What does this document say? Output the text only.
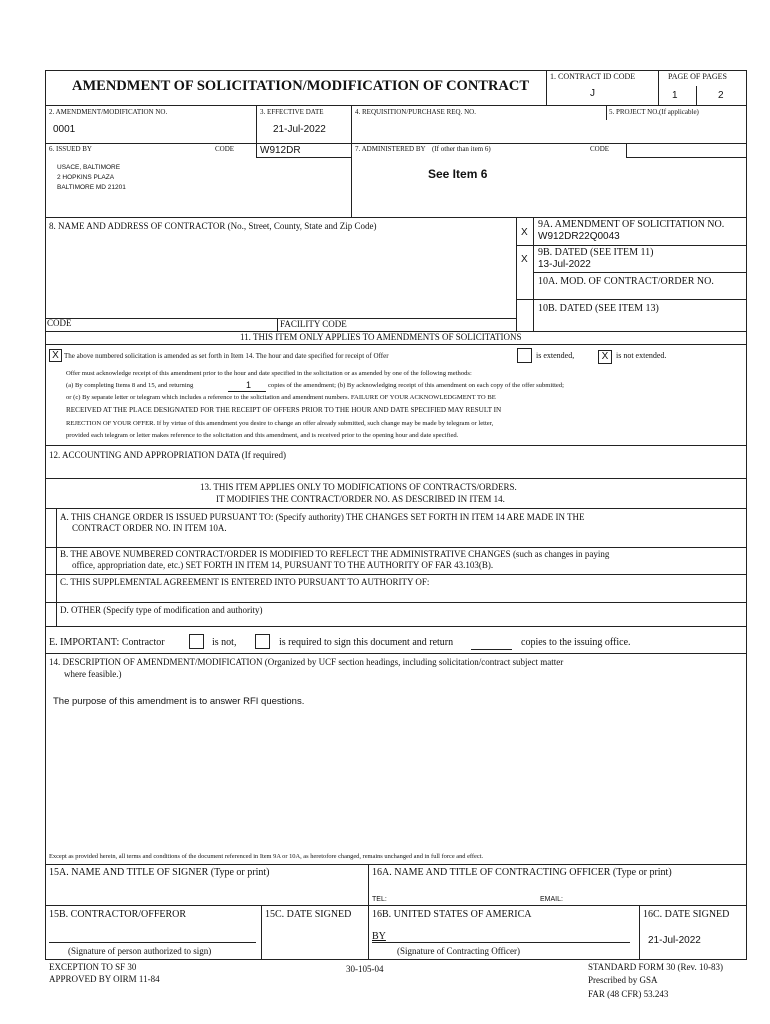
AMENDMENT OF SOLICITATION/MODIFICATION OF CONTRACT
1. CONTRACT ID CODE
J
PAGE OF PAGES
1	2
2. AMENDMENT/MODIFICATION NO.
0001
3. EFFECTIVE DATE
21-Jul-2022
4. REQUISITION/PURCHASE REQ. NO.	5. PROJECT NO.(If applicable)
6. ISSUED BY	CODE	W912DR	7. ADMINISTERED BY (If other than item 6)	CODE
USACE, BALTIMORE
2 HOPKINS PLAZA
BALTIMORE MD 21201
See Item 6
8. NAME AND ADDRESS OF CONTRACTOR (No., Street, County, State and Zip Code)
X
9A. AMENDMENT OF SOLICITATION NO.
W912DR22Q0043
X
9B. DATED (SEE ITEM 11)
13-Jul-2022
10A. MOD. OF CONTRACT/ORDER NO.
10B. DATED (SEE ITEM 13)
CODE	FACILITY CODE
11. THIS ITEM ONLY APPLIES TO AMENDMENTS OF SOLICITATIONS
X The above numbered solicitation is amended as set forth in Item 14. The hour and date specified for receipt of Offer	is extended,	X is not extended.
Offer must acknowledge receipt of this amendment prior to the hour and date specified in the solicitation or as amended by one of the following methods:
(a) By completing Items 8 and 15, and returning	1	copies of the amendment; (b) By acknowledging receipt of this amendment on each copy of the offer submitted;
or (c) By separate letter or telegram which includes a reference to the solicitation and amendment numbers. FAILURE OF YOUR ACKNOWLEDGMENT TO BE
RECEIVED AT THE PLACE DESIGNATED FOR THE RECEIPT OF OFFERS PRIOR TO THE HOUR AND DATE SPECIFIED MAY RESULT IN
REJECTION OF YOUR OFFER. If by virtue of this amendment you desire to change an offer already submitted, such change may be made by telegram or letter,
provided each telegram or letter makes reference to the solicitation and this amendment, and is received prior to the opening hour and date specified.
12. ACCOUNTING AND APPROPRIATION DATA (If required)
13. THIS ITEM APPLIES ONLY TO MODIFICATIONS OF CONTRACTS/ORDERS.
IT MODIFIES THE CONTRACT/ORDER NO. AS DESCRIBED IN ITEM 14.
A. THIS CHANGE ORDER IS ISSUED PURSUANT TO: (Specify authority) THE CHANGES SET FORTH IN ITEM 14 ARE MADE IN THE
CONTRACT ORDER NO. IN ITEM 10A.
B. THE ABOVE NUMBERED CONTRACT/ORDER IS MODIFIED TO REFLECT THE ADMINISTRATIVE CHANGES (such as changes in paying
office, appropriation date, etc.) SET FORTH IN ITEM 14, PURSUANT TO THE AUTHORITY OF FAR 43.103(B).
C. THIS SUPPLEMENTAL AGREEMENT IS ENTERED INTO PURSUANT TO AUTHORITY OF:
D. OTHER (Specify type of modification and authority)
E. IMPORTANT: Contractor	is not,	is required to sign this document and return	copies to the issuing office.
14. DESCRIPTION OF AMENDMENT/MODIFICATION (Organized by UCF section headings, including solicitation/contract subject matter
where feasible.)
The purpose of this amendment is to answer RFI questions.
Except as provided herein, all terms and conditions of the document referenced in Item 9A or 10A, as heretofore changed, remains unchanged and in full force and effect.
15A. NAME AND TITLE OF SIGNER (Type or print)	16A. NAME AND TITLE OF CONTRACTING OFFICER (Type or print)
TEL:	EMAIL:
15B. CONTRACTOR/OFFEROR	15C. DATE SIGNED 16B. UNITED STATES OF AMERICA	16C. DATE SIGNED
(Signature of person authorized to sign)
BY
(Signature of Contracting Officer)
21-Jul-2022
EXCEPTION TO SF 30
APPROVED BY OIRM 11-84
30-105-04	STANDARD FORM 30 (Rev. 10-83)
Prescribed by GSA
FAR (48 CFR) 53.243
